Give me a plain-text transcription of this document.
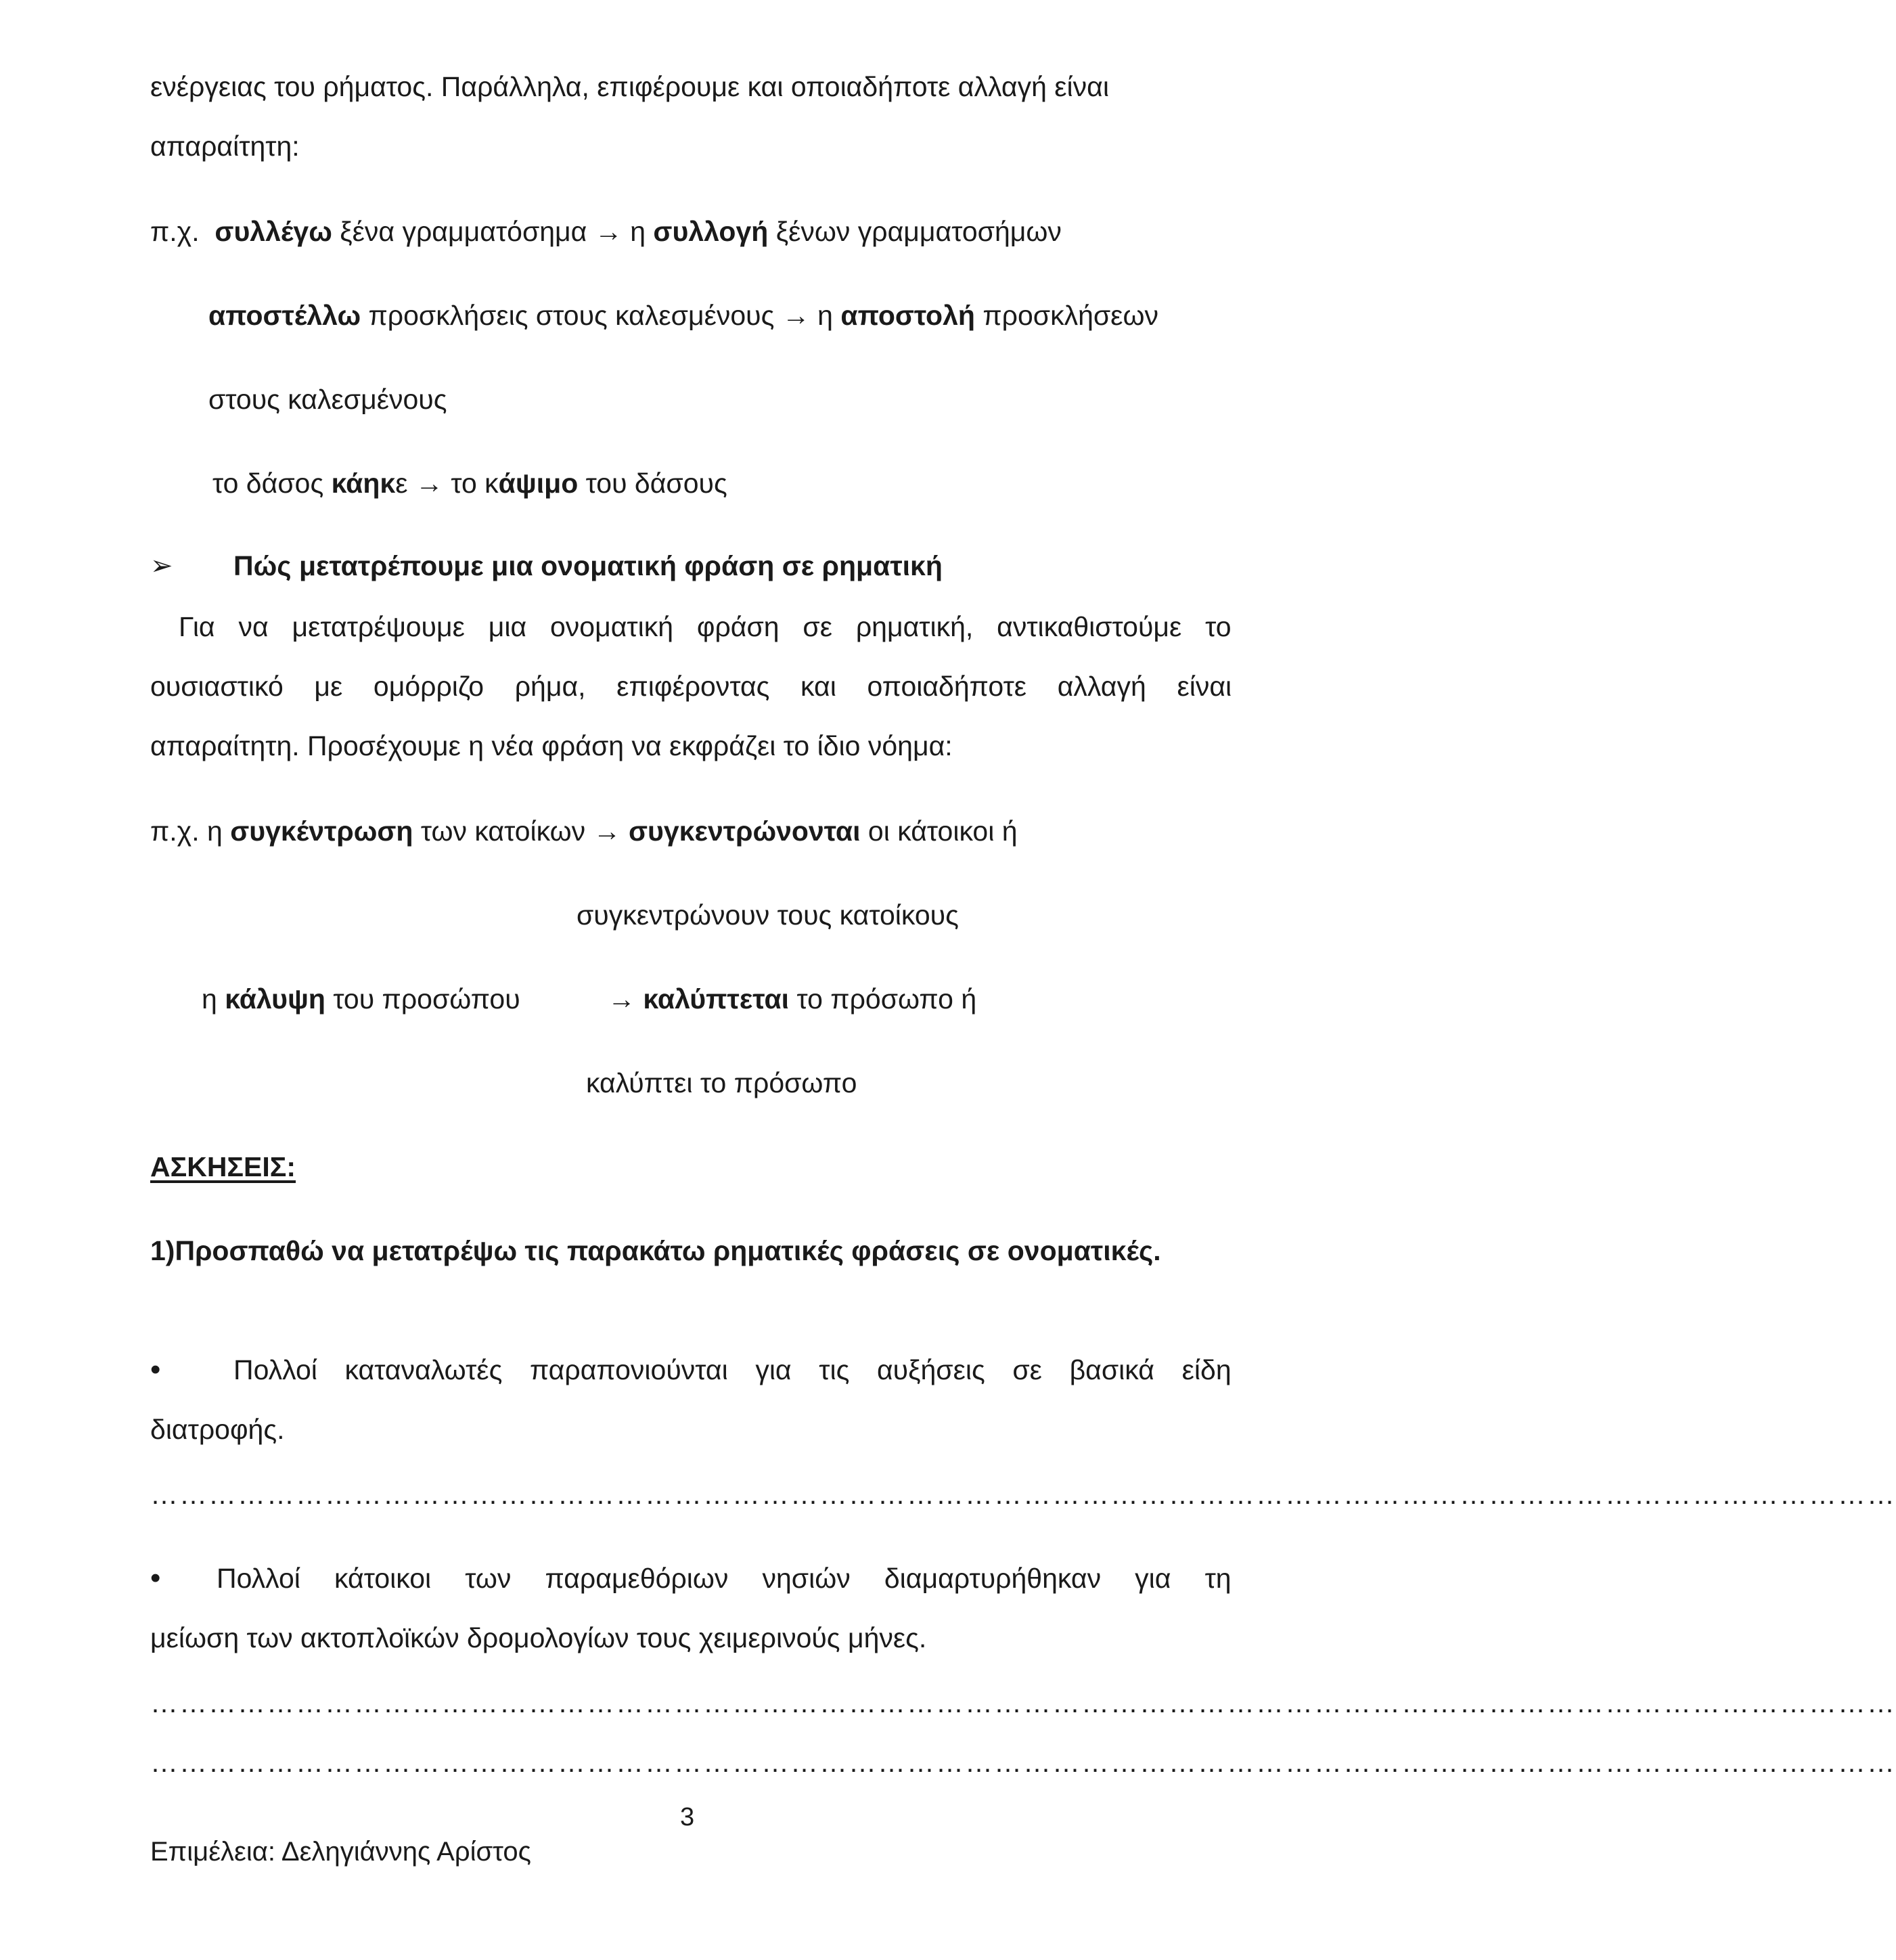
ενέργειας του ρήματος. Παράλληλα, επιφέρουμε και οποιαδήποτε αλλαγή είναι
απαραίτητη:
π.χ. συλλέγω ξένα γραμματόσημα → η συλλογή ξένων γραμματοσήμων
αποστέλλω προσκλήσεις στους καλεσμένους → η αποστολή προσκλήσεων
στους καλεσμένους
το δάσος κάηκε → το κάψιμο του δάσους
➢ Πώς μετατρέπουμε μια ονοματική φράση σε ρηματική
Για να μετατρέψουμε μια ονοματική φράση σε ρηματική, αντικαθιστούμε το
ουσιαστικό με ομόρριζο ρήμα, επιφέροντας και οποιαδήποτε αλλαγή είναι
απαραίτητη. Προσέχουμε η νέα φράση να εκφράζει το ίδιο νόημα:
π.χ. η συγκέντρωση των κατοίκων → συγκεντρώνονται οι κάτοικοι ή
συγκεντρώνουν τους κατοίκους
η κάλυψη του προσώπου	→ καλύπτεται το πρόσωπο ή
καλύπτει το πρόσωπο
ΑΣΚΗΣΕΙΣ:
1)Προσπαθώ να μετατρέψω τις παρακάτω ρηματικές φράσεις σε ονοματικές.
•	Πολλοί καταναλωτές παραπονιούνται για τις αυξήσεις σε βασικά είδη
διατροφής.
………………………………………………………………………………………………………………………………………………………………
• Πολλοί κάτοικοι των παραμεθόριων νησιών διαμαρτυρήθηκαν για τη
μείωση των ακτοπλοϊκών δρομολογίων τους χειμερινούς μήνες.
………………………………………………………………………………………………………………………………………………………………
………………………………………………………………………………………………………………………………………………………………
3
Επιμέλεια: Δεληγιάννης Αρίστος
